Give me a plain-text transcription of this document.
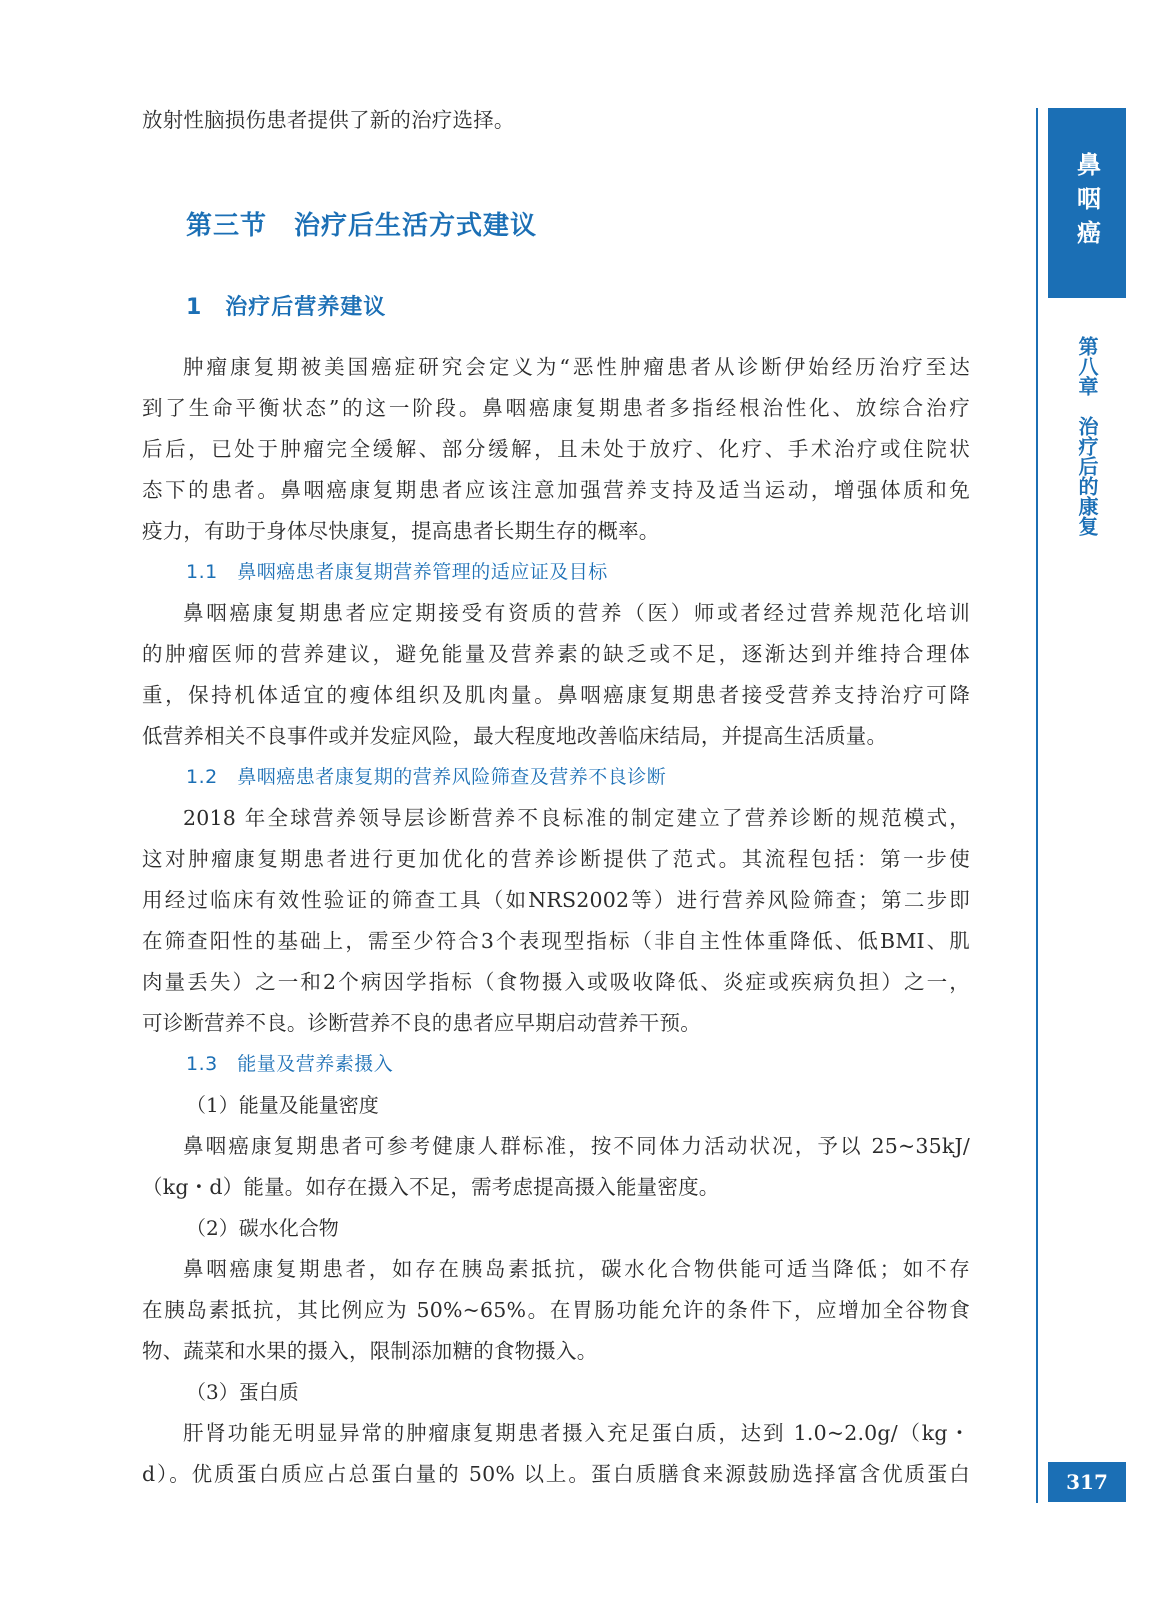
放射性脑损伤患者提供了新的治疗选择。

第三节　治疗后生活方式建议
1　治疗后营养建议

肿瘤康复期被美国癌症研究会定义为“恶性肿瘤患者从诊断伊始经历治疗至达

到了生命平衡状态”的这一阶段。鼻咽癌康复期患者多指经根治性化、放综合治疗

后后，已处于肿瘤完全缓解、部分缓解，且未处于放疗、化疗、手术治疗或住院状

态下的患者。鼻咽癌康复期患者应该注意加强营养支持及适当运动，增强体质和免

疫力，有助于身体尽快康复，提高患者长期生存的概率。

1.1　鼻咽癌患者康复期营养管理的适应证及目标

鼻咽癌康复期患者应定期接受有资质的营养（医）师或者经过营养规范化培训

的肿瘤医师的营养建议，避免能量及营养素的缺乏或不足，逐渐达到并维持合理体

重，保持机体适宜的瘦体组织及肌肉量。鼻咽癌康复期患者接受营养支持治疗可降

低营养相关不良事件或并发症风险，最大程度地改善临床结局，并提高生活质量。

1.2　鼻咽癌患者康复期的营养风险筛查及营养不良诊断

2018 年全球营养领导层诊断营养不良标准的制定建立了营养诊断的规范模式，

这对肿瘤康复期患者进行更加优化的营养诊断提供了范式。其流程包括：第一步使

用经过临床有效性验证的筛查工具（如NRS2002等）进行营养风险筛查；第二步即

在筛查阳性的基础上，需至少符合3个表现型指标（非自主性体重降低、低BMI、肌

肉量丢失）之一和2个病因学指标（食物摄入或吸收降低、炎症或疾病负担）之一，

可诊断营养不良。诊断营养不良的患者应早期启动营养干预。

1.3　能量及营养素摄入

（1）能量及能量密度

鼻咽癌康复期患者可参考健康人群标准，按不同体力活动状况，予以 25~35kJ/

（kg・d）能量。如存在摄入不足，需考虑提高摄入能量密度。

（2）碳水化合物

鼻咽癌康复期患者，如存在胰岛素抵抗，碳水化合物供能可适当降低；如不存

在胰岛素抵抗，其比例应为 50%~65%。在胃肠功能允许的条件下，应增加全谷物食

物、蔬菜和水果的摄入，限制添加糖的食物摄入。

（3）蛋白质

肝肾功能无明显异常的肿瘤康复期患者摄入充足蛋白质，达到 1.0~2.0g/（kg・

d）。优质蛋白质应占总蛋白量的 50% 以上。蛋白质膳食来源鼓励选择富含优质蛋白

鼻咽癌
第八章　治疗后的康复
317
